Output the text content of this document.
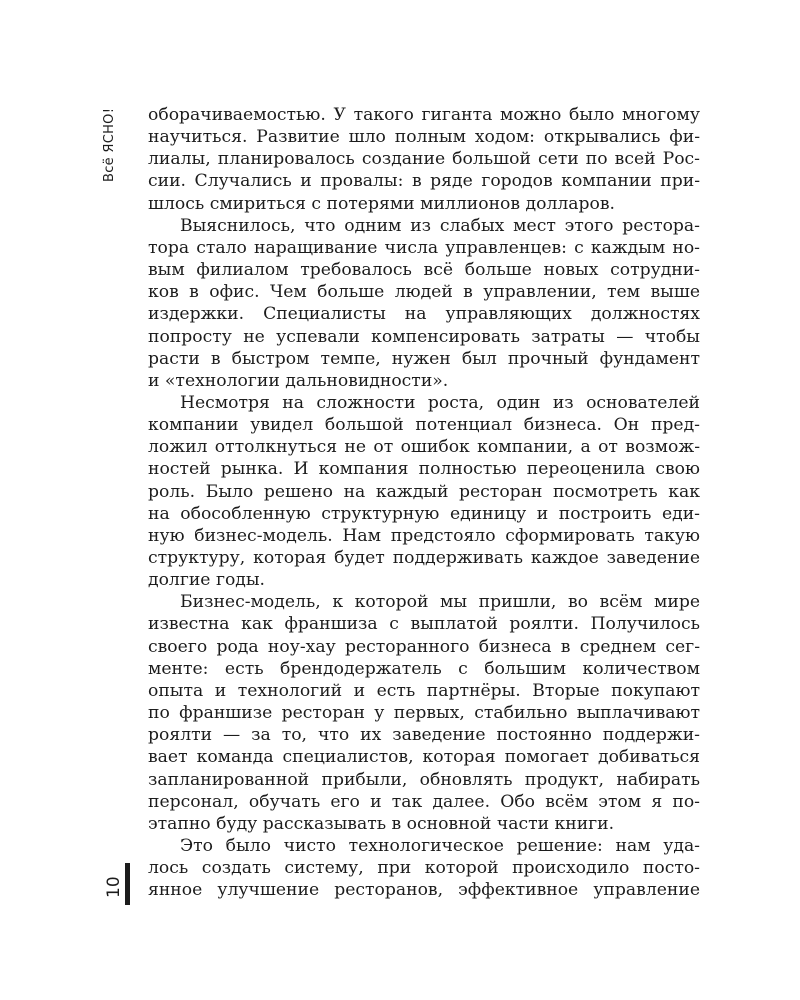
Всё ЯСНО!
10
оборачиваемостью. У такого гиганта можно было многому
научиться. Развитие шло полным ходом: открывались фи-
лиалы, планировалось создание большой сети по всей Рос-
сии. Случались и провалы: в ряде городов компании при-
шлось смириться с потерями миллионов долларов.
Выяснилось, что одним из слабых мест этого рестора-
тора стало наращивание числа управленцев: с каждым но-
вым филиалом требовалось всё больше новых сотрудни-
ков в офис. Чем больше людей в управлении, тем выше
издержки. Специалисты на управляющих должностях
попросту не успевали компенсировать затраты — чтобы
расти в быстром темпе, нужен был прочный фундамент
и «технологии дальновидности».
Несмотря на сложности роста, один из основателей
компании увидел большой потенциал бизнеса. Он пред-
ложил оттолкнуться не от ошибок компании, а от возмож-
ностей рынка. И компания полностью переоценила свою
роль. Было решено на каждый ресторан посмотреть как
на обособленную структурную единицу и построить еди-
ную бизнес-модель. Нам предстояло сформировать такую
структуру, которая будет поддерживать каждое заведение
долгие годы.
Бизнес-модель, к которой мы пришли, во всём мире
известна как франшиза с выплатой роялти. Получилось
своего рода ноу-хау ресторанного бизнеса в среднем сег-
менте: есть брендодержатель с большим количеством
опыта и технологий и есть партнёры. Вторые покупают
по франшизе ресторан у первых, стабильно выплачивают
роялти — за то, что их заведение постоянно поддержи-
вает команда специалистов, которая помогает добиваться
запланированной прибыли, обновлять продукт, набирать
персонал, обучать его и так далее. Обо всём этом я по-
этапно буду рассказывать в основной части книги.
Это было чисто технологическое решение: нам уда-
лось создать систему, при которой происходило посто-
янное улучшение ресторанов, эффективное управление
